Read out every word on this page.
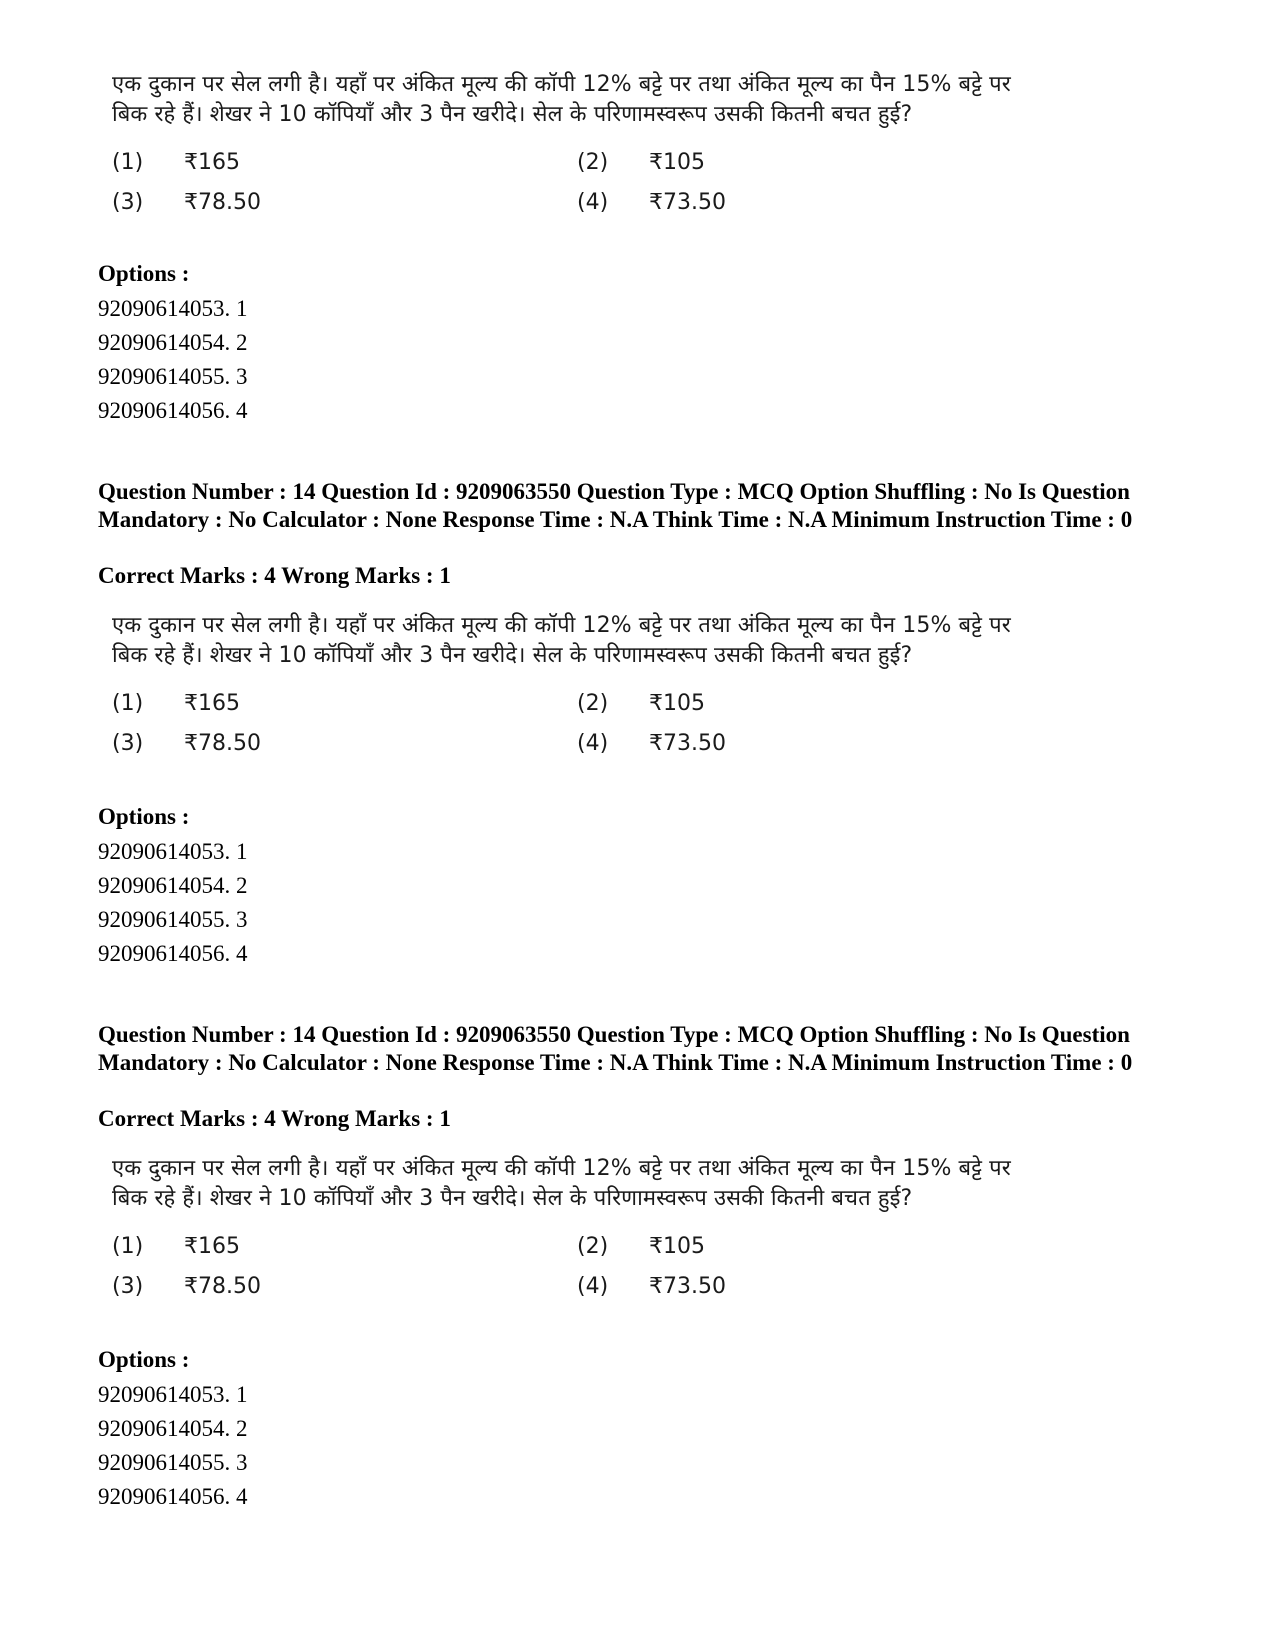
एक दुकान पर सेल लगी है। यहाँ पर अंकित मूल्य की कॉपी 12% बट्टे पर तथा अंकित मूल्य का पैन 15% बट्टे पर
बिक रहे हैं। शेखर ने 10 कॉपियाँ और 3 पैन खरीदे। सेल के परिणामस्वरूप उसकी कितनी बचत हुई?
(1)	₹165	(2)	₹105
(3)	₹78.50	(4)	₹73.50
Options :
92090614053. 1
92090614054. 2
92090614055. 3
92090614056. 4
Question Number : 14 Question Id : 9209063550 Question Type : MCQ Option Shuffling : No Is Question Mandatory : No Calculator : None Response Time : N.A Think Time : N.A Minimum Instruction Time : 0
Correct Marks : 4 Wrong Marks : 1
एक दुकान पर सेल लगी है। यहाँ पर अंकित मूल्य की कॉपी 12% बट्टे पर तथा अंकित मूल्य का पैन 15% बट्टे पर
बिक रहे हैं। शेखर ने 10 कॉपियाँ और 3 पैन खरीदे। सेल के परिणामस्वरूप उसकी कितनी बचत हुई?
(1)	₹165	(2)	₹105
(3)	₹78.50	(4)	₹73.50
Options :
92090614053. 1
92090614054. 2
92090614055. 3
92090614056. 4
Question Number : 14 Question Id : 9209063550 Question Type : MCQ Option Shuffling : No Is Question Mandatory : No Calculator : None Response Time : N.A Think Time : N.A Minimum Instruction Time : 0
Correct Marks : 4 Wrong Marks : 1
एक दुकान पर सेल लगी है। यहाँ पर अंकित मूल्य की कॉपी 12% बट्टे पर तथा अंकित मूल्य का पैन 15% बट्टे पर
बिक रहे हैं। शेखर ने 10 कॉपियाँ और 3 पैन खरीदे। सेल के परिणामस्वरूप उसकी कितनी बचत हुई?
(1)	₹165	(2)	₹105
(3)	₹78.50	(4)	₹73.50
Options :
92090614053. 1
92090614054. 2
92090614055. 3
92090614056. 4
